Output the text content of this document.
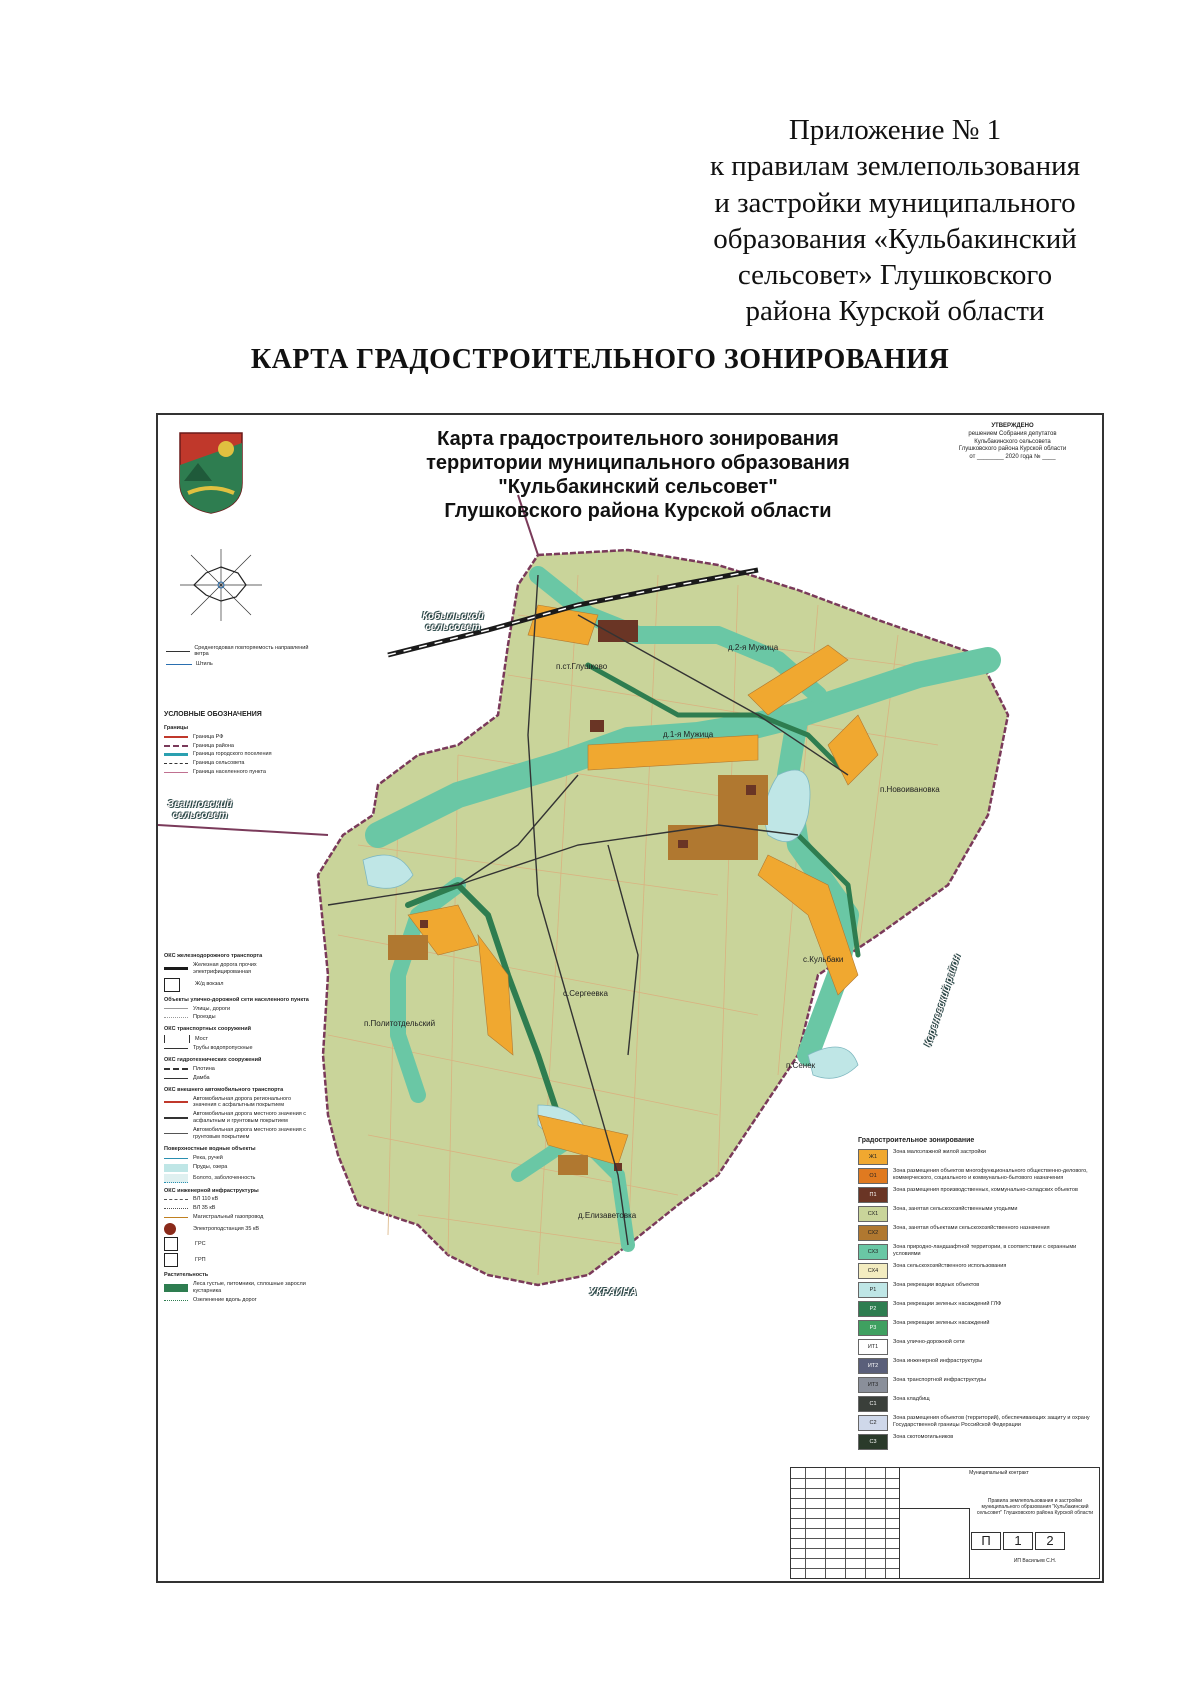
Приложение № 1
к правилам землепользования
и застройки муниципального
образования «Кульбакинский
сельсовет» Глушковского
района Курской области
КАРТА ГРАДОСТРОИТЕЛЬНОГО ЗОНИРОВАНИЯ
Карта градостроительного зонирования
территории муниципального образования
"Кульбакинский сельсовет"
Глушковского района Курской области
УТВЕРЖДЕНО
решением Собрания депутатов
Кульбакинского сельсовета
Глушковского района Курской области
от ________ 2020 года № ____
Среднегодовая повторяемость направлений ветра
Штиль
УСЛОВНЫЕ ОБОЗНАЧЕНИЯ
Границы
Граница РФ
Граница района
Граница городского поселения
Граница сельсовета
Граница населенного пункта
ОКС железнодорожного транспорта
Железная дорога прочих электрифицированная
Ж/д вокзал
Объекты улично-дорожной сети населенного пункта
Улицы, дороги
Проезды
ОКС транспортных сооружений
Мост
Трубы водопропускные
ОКС гидротехнических сооружений
Плотина
Дамба
ОКС внешнего автомобильного транспорта
Автомобильная дорога регионального значения с асфальтным покрытием
Автомобильная дорога местного значения с асфальтным и грунтовым покрытием
Автомобильная дорога местного значения с грунтовым покрытием
Поверхностные водные объекты
Река, ручей
Пруды, озера
Болото, заболоченность
ОКС инженерной инфраструктуры
ВЛ 110 кВ
ВЛ 35 кВ
Магистральный газопровод
Электроподстанция 35 кВ
ГРС
ГРП
Растительность
Леса густые, питомники, сплошные заросли кустарника
Озеленение вдоль дорог
п.ст.Глушково
д.2-я Мужица
д.1-я Мужица
п.Новоивановка
с.Кульбаки
с.Сергеевка
п.Политотдельский
п.Сенек
д.Елизаветовка
Кобыльской сельсовет
Званновский сельсовет
Кореневский район
УКРАИНА
Градостроительное зонирование
Ж1
Зона малоэтажной жилой застройки
О1
Зона размещения объектов многофункционального общественно-делового, коммерческого, социального и коммунально-бытового назначения
П1
Зона размещения производственных, коммунально-складских объектов
СХ1
Зона, занятая сельскохозяйственными угодьями
СХ2
Зона, занятая объектами сельскохозяйственного назначения
СХ3
Зона природно-ландшафтной территории, в соответствии с охранными условиями
СХ4
Зона сельскохозяйственного использования
Р1
Зона рекреации водных объектов
Р2
Зона рекреации зеленых насаждений ГЛФ
Р3
Зона рекреации зеленых насаждений
ИТ1
Зона улично-дорожной сети
ИТ2
Зона инженерной инфраструктуры
ИТ3
Зона транспортной инфраструктуры
С1
Зона кладбищ
С2
Зона размещения объектов (территорий), обеспечивающих защиту и охрану Государственной границы Российской Федерации
С3
Зона скотомогильников
Муниципальный контракт
Правила землепользования и застройки муниципального образования "Кульбакинский сельсовет" Глушковского района Курской области
П	1	2
ИП Васильев С.Н.
